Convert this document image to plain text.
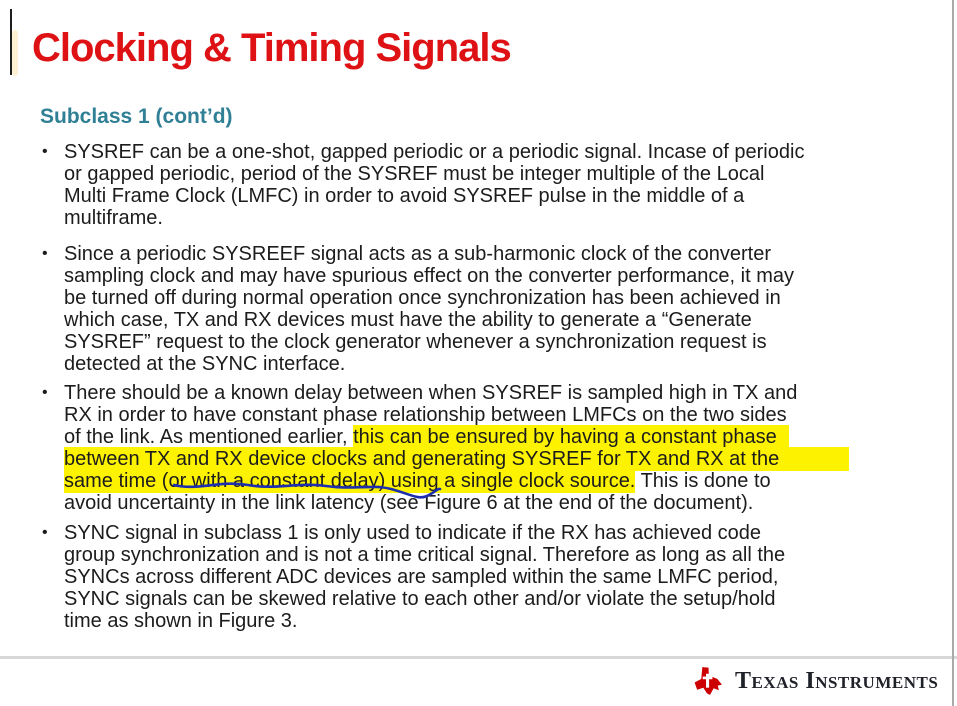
Clocking & Timing Signals
Subclass 1 (cont’d)
• SYSREF can be a one-shot, gapped periodic or a periodic signal. Incase of periodic
or gapped periodic, period of the SYSREF must be integer multiple of the Local
Multi Frame Clock (LMFC) in order to avoid SYSREF pulse in the middle of a
multiframe.
• Since a periodic SYSREEF signal acts as a sub-harmonic clock of the converter
sampling clock and may have spurious effect on the converter performance, it may
be turned off during normal operation once synchronization has been achieved in
which case, TX and RX devices must have the ability to generate a “Generate
SYSREF” request to the clock generator whenever a synchronization request is
detected at the SYNC interface.
• There should be a known delay between when SYSREF is sampled high in TX and
RX in order to have constant phase relationship between LMFCs on the two sides
of the link. As mentioned earlier, this can be ensured by having a constant phase
between TX and RX device clocks and generating SYSREF for TX and RX at the
same time (or with a constant delay) using a single clock source. This is done to
avoid uncertainty in the link latency (see Figure 6 at the end of the document).
• SYNC signal in subclass 1 is only used to indicate if the RX has achieved code
group synchronization and is not a time critical signal. Therefore as long as all the
SYNCs across different ADC devices are sampled within the same LMFC period,
SYNC signals can be skewed relative to each other and/or violate the setup/hold
time as shown in Figure 3.
Texas Instruments
